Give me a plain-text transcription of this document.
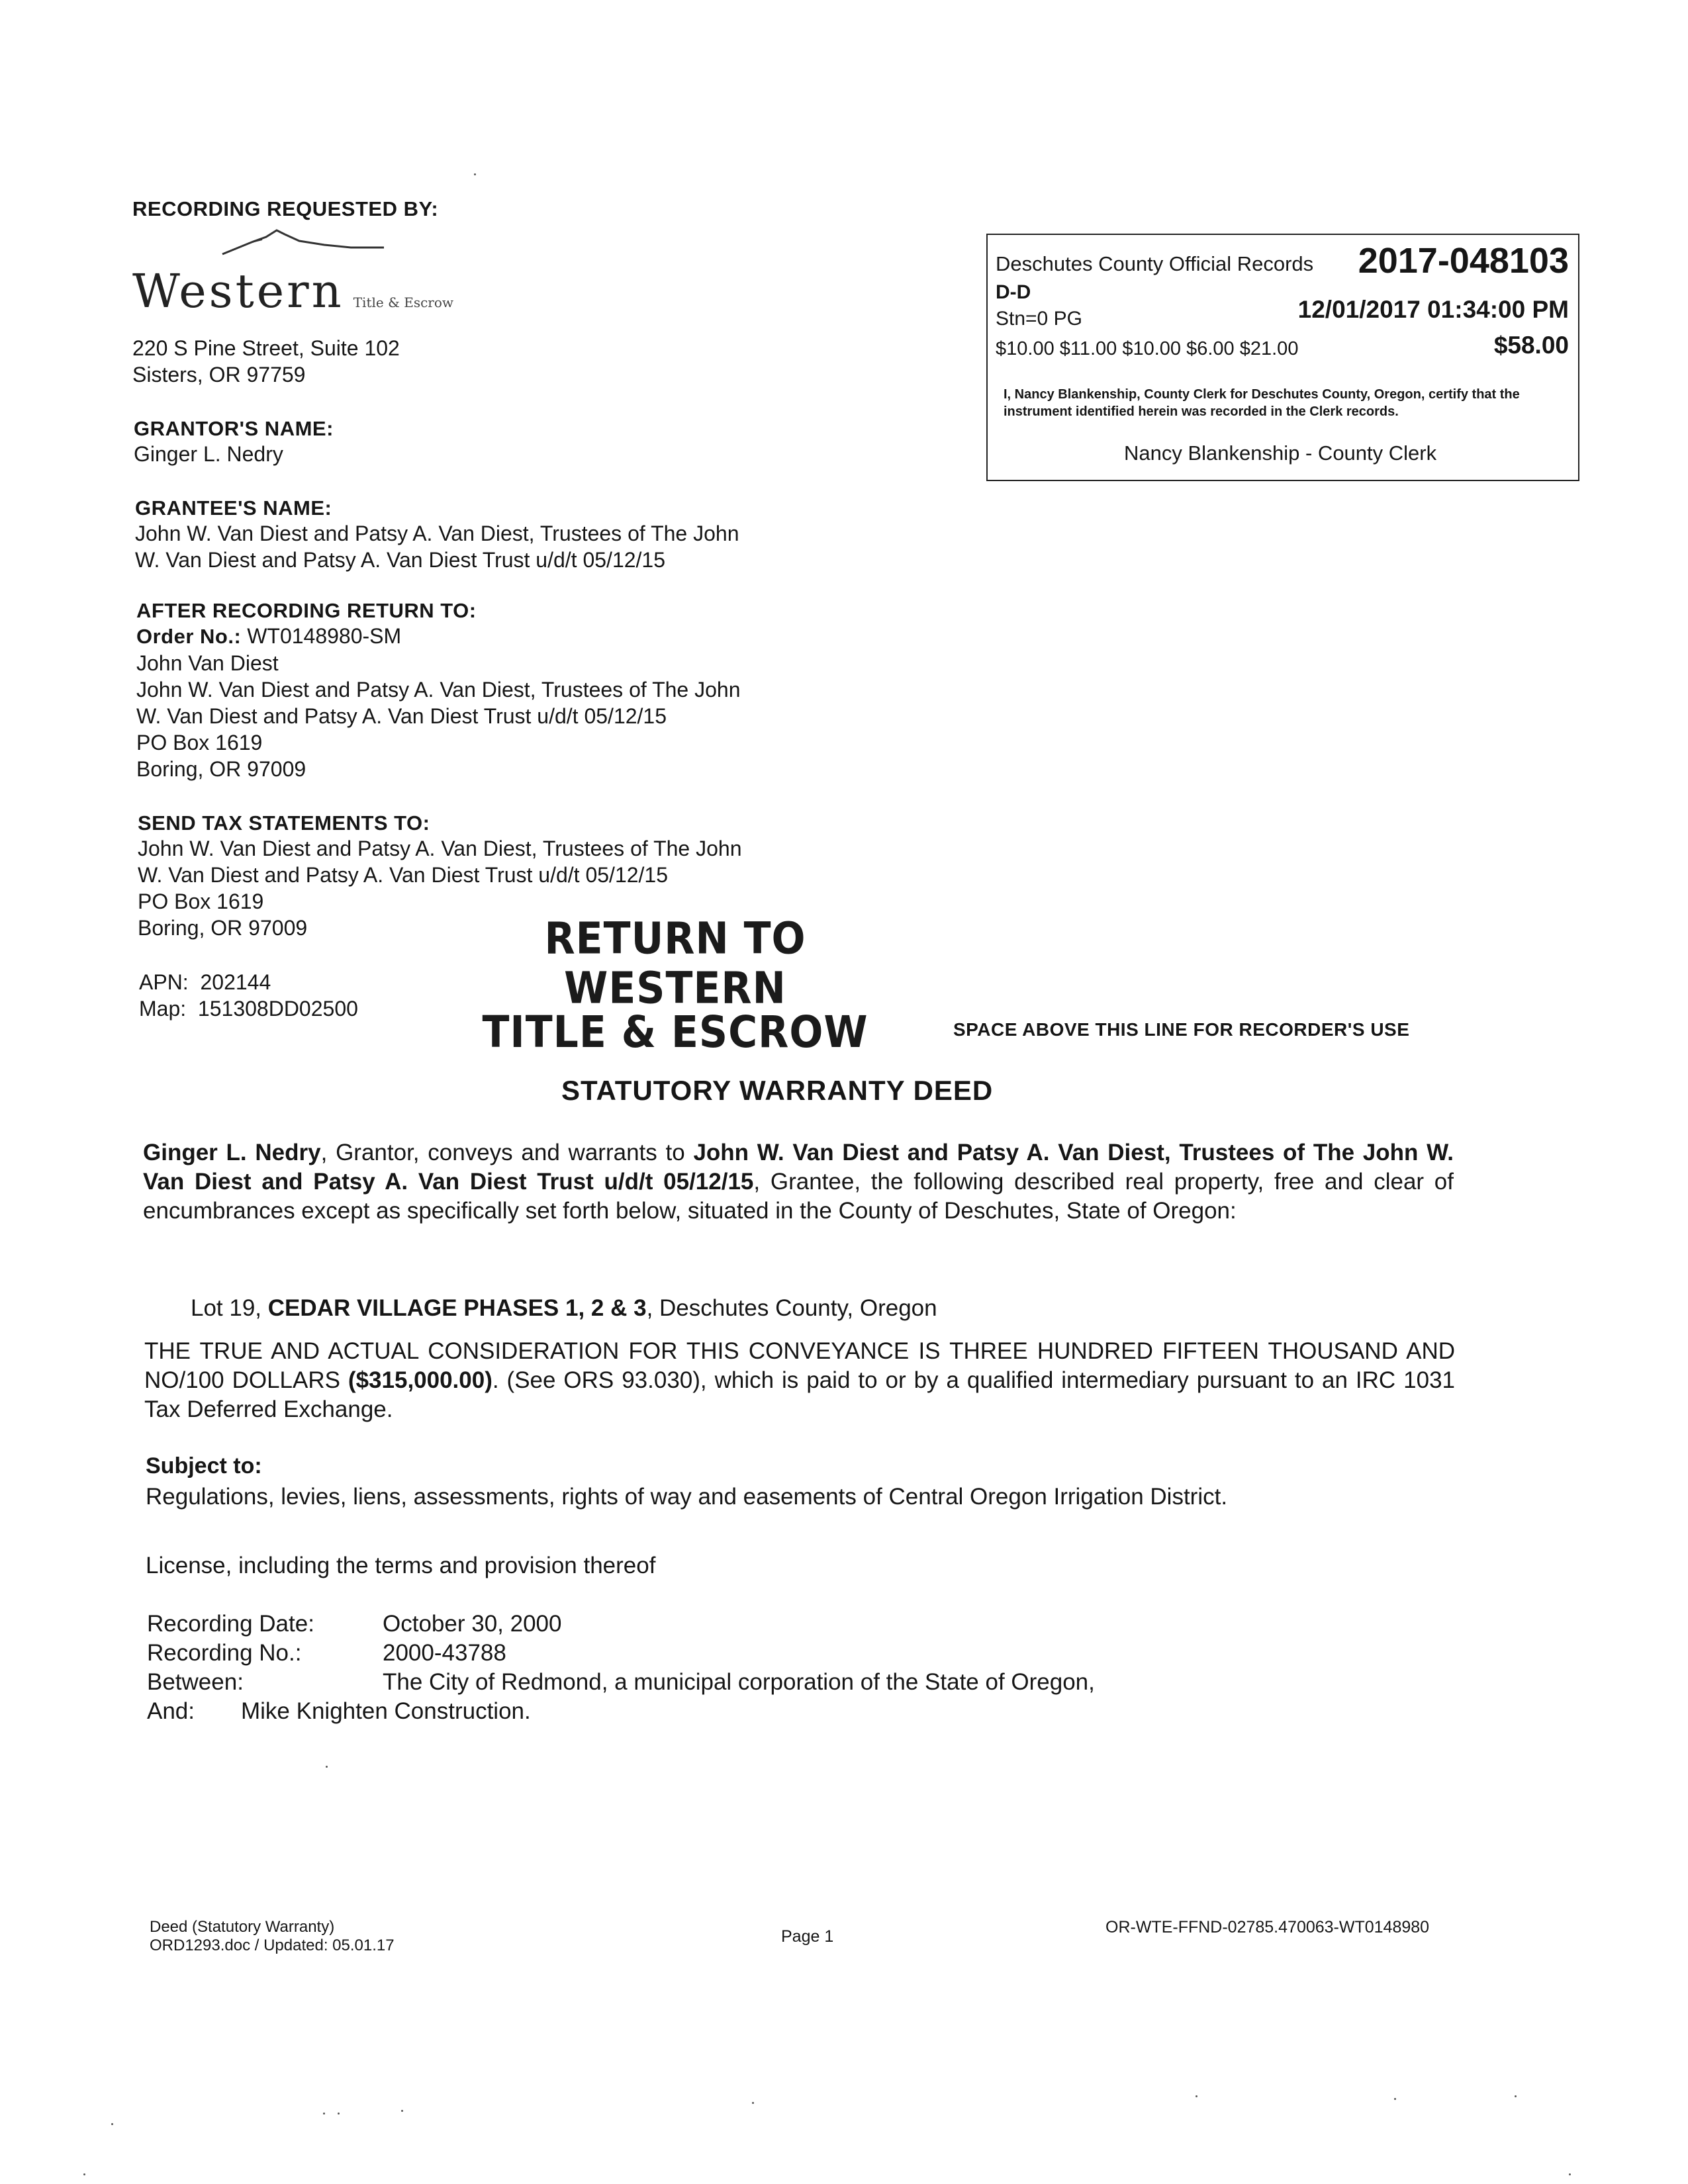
RECORDING REQUESTED BY:
Western Title & Escrow
220 S Pine Street, Suite 102
Sisters, OR 97759
GRANTOR'S NAME:
Ginger L. Nedry
GRANTEE'S NAME:
John W. Van Diest and Patsy A. Van Diest, Trustees of The John
W. Van Diest and Patsy A. Van Diest Trust u/d/t 05/12/15
AFTER RECORDING RETURN TO:
Order No.: WT0148980-SM
John Van Diest
John W. Van Diest and Patsy A. Van Diest, Trustees of The John
W. Van Diest and Patsy A. Van Diest Trust u/d/t 05/12/15
PO Box 1619
Boring, OR 97009
SEND TAX STATEMENTS TO:
John W. Van Diest and Patsy A. Van Diest, Trustees of The John
W. Van Diest and Patsy A. Van Diest Trust u/d/t 05/12/15
PO Box 1619
Boring, OR 97009
APN: 202144
Map: 151308DD02500
RETURN TO WESTERN
TITLE & ESCROW
Deschutes County Official Records 2017-048103
D-D
Stn=0 PG	12/01/2017 01:34:00 PM
$10.00 $11.00 $10.00 $6.00 $21.00	$58.00
I, Nancy Blankenship, County Clerk for Deschutes County, Oregon, certify that the instrument identified herein was recorded in the Clerk records.
Nancy Blankenship - County Clerk
SPACE ABOVE THIS LINE FOR RECORDER'S USE
STATUTORY WARRANTY DEED
Ginger L. Nedry, Grantor, conveys and warrants to John W. Van Diest and Patsy A. Van Diest, Trustees of The John W. Van Diest and Patsy A. Van Diest Trust u/d/t 05/12/15, Grantee, the following described real property, free and clear of encumbrances except as specifically set forth below, situated in the County of Deschutes, State of Oregon:
Lot 19, CEDAR VILLAGE PHASES 1, 2 & 3, Deschutes County, Oregon
THE TRUE AND ACTUAL CONSIDERATION FOR THIS CONVEYANCE IS THREE HUNDRED FIFTEEN THOUSAND AND NO/100 DOLLARS ($315,000.00). (See ORS 93.030), which is paid to or by a qualified intermediary pursuant to an IRC 1031 Tax Deferred Exchange.
Subject to:
Regulations, levies, liens, assessments, rights of way and easements of Central Oregon Irrigation District.
License, including the terms and provision thereof
Recording Date:	October 30, 2000
Recording No.:	2000-43788
Between:	The City of Redmond, a municipal corporation of the State of Oregon,
And:	Mike Knighten Construction.
Deed (Statutory Warranty)
ORD1293.doc / Updated: 05.01.17	Page 1	OR-WTE-FFND-02785.470063-WT0148980
